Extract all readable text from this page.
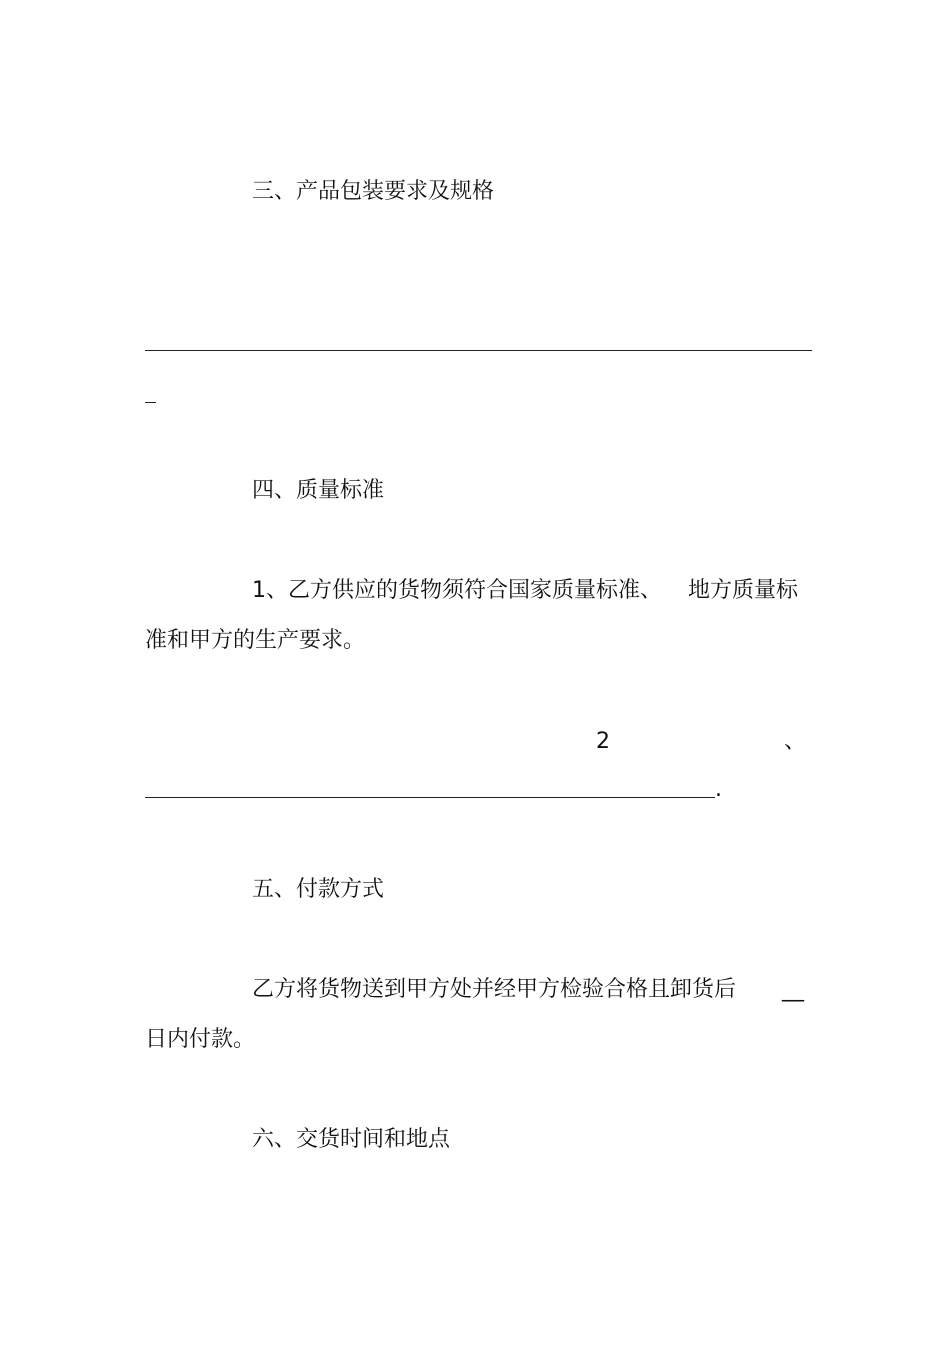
三、产品包装要求及规格
四、质量标准

1、乙方供应的货物须符合国家质量标准、 地方质量标

准和甲方的生产要求。

2	、
.
五、付款方式

乙方将货物送到甲方处并经甲方检验合格且卸货后 __

日内付款。

六、交货时间和地点
